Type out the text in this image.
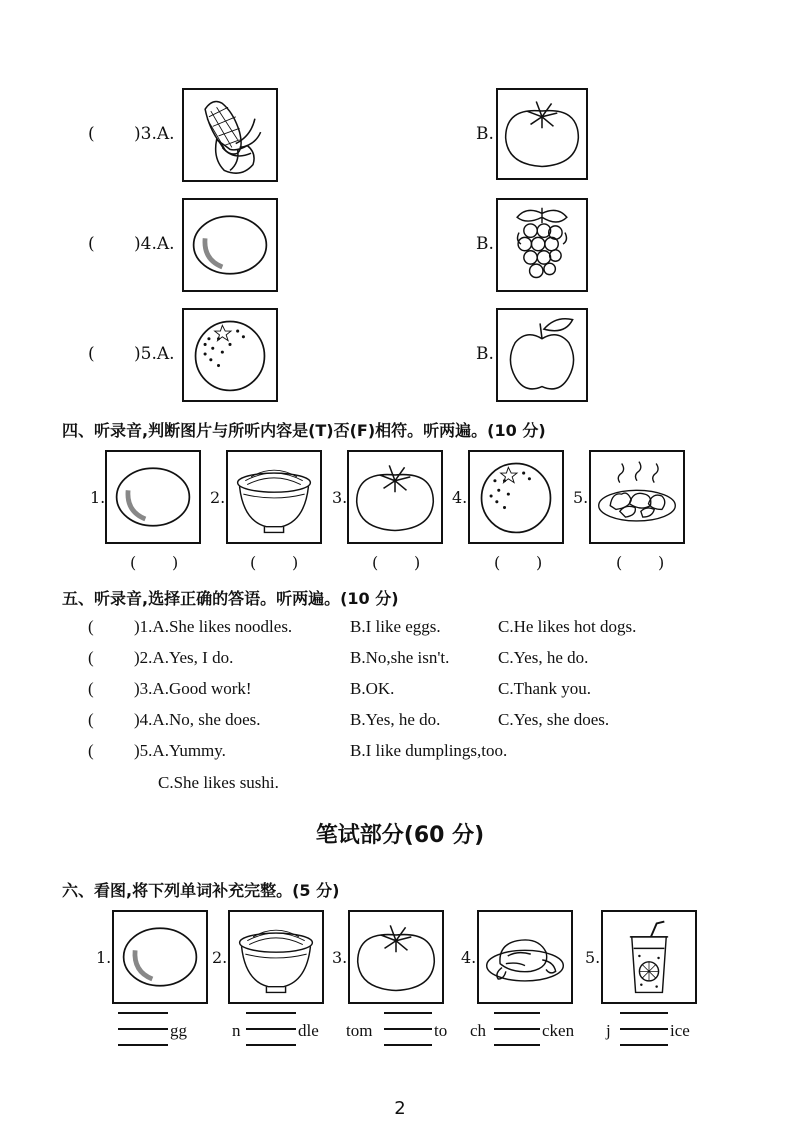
( )3.A.	B.
( )4.A.	B.
( )5.A.	B.
四、听录音,判断图片与所听内容是(T)否(F)相符。听两遍。(10 分)
1.	2.	3.	4.	5.
( )	( )	( )	( )	( )
五、听录音,选择正确的答语。听两遍。(10 分)
( )1.A.She likes noodles.	B.I like eggs.	C.He likes hot dogs.
( )2.A.Yes, I do.	B.No,she isn't.	C.Yes, he do.
( )3.A.Good work!	B.OK.	C.Thank you.
( )4.A.No, she does.	B.Yes, he do.	C.Yes, she does.
( )5.A.Yummy.	B.I like dumplings,too.
C.She likes sushi.
笔试部分(60 分)
六、看图,将下列单词补充完整。(5 分)
1.	2.	3.	4.	5.
gg	n	dle tom	to ch	cken j	ice
2
